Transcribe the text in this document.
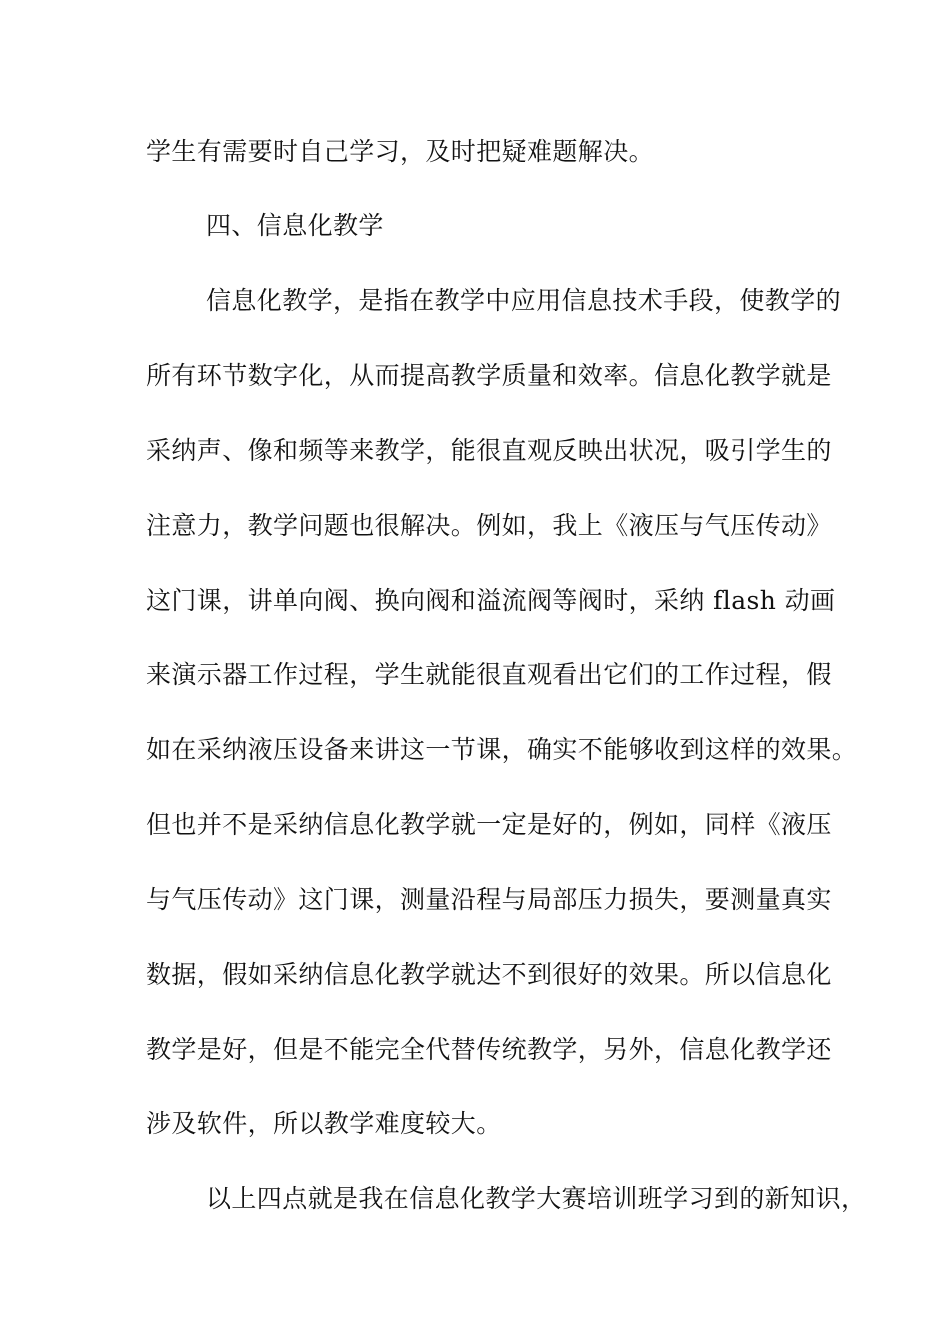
学生有需要时自己学习，及时把疑难题解决。
四、信息化教学
信息化教学，是指在教学中应用信息技术手段，使教学的
所有环节数字化，从而提高教学质量和效率。信息化教学就是
采纳声、像和频等来教学，能很直观反映出状况，吸引学生的
注意力，教学问题也很解决。例如，我上《液压与气压传动》
这门课，讲单向阀、换向阀和溢流阀等阀时，采纳 flash 动画
来演示器工作过程，学生就能很直观看出它们的工作过程，假
如在采纳液压设备来讲这一节课，确实不能够收到这样的效果。
但也并不是采纳信息化教学就一定是好的，例如，同样《液压
与气压传动》这门课，测量沿程与局部压力损失，要测量真实
数据，假如采纳信息化教学就达不到很好的效果。所以信息化
教学是好，但是不能完全代替传统教学，另外，信息化教学还
涉及软件，所以教学难度较大。
以上四点就是我在信息化教学大赛培训班学习到的新知识，
